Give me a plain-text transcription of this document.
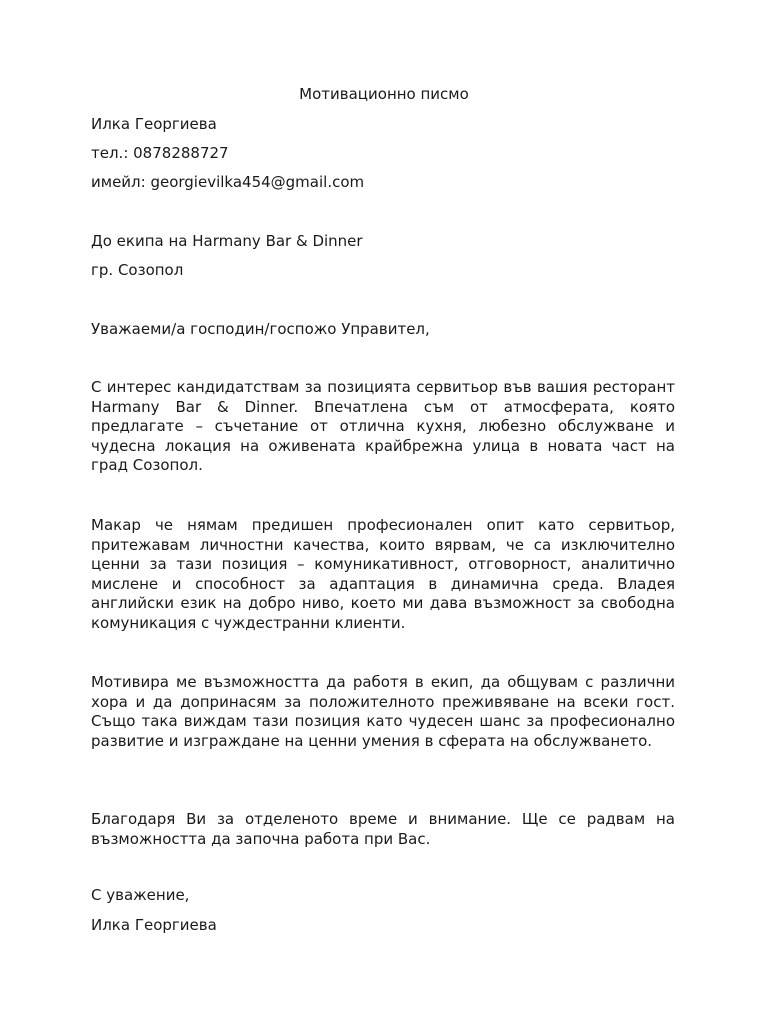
Мотивационно писмо
Илка Георгиева
тел.: 0878288727
имейл: georgievilka454@gmail.com
До екипа на Harmany Bar & Dinner
гр. Созопол
Уважаеми/а господин/госпожо Управител,
С интерес кандидатствам за позицията сервитьор във вашия ресторант Harmany Bar & Dinner. Впечатлена съм от атмосферата, която предлагате – съчетание от отлична кухня, любезно обслужване и чудесна локация на оживената крайбрежна улица в новата част на град Созопол.
Макар че нямам предишен професионален опит като сервитьор, притежавам личностни качества, които вярвам, че са изключително ценни за тази позиция – комуникативност, отговорност, аналитично мислене и способност за адаптация в динамична среда. Владея английски език на добро ниво, което ми дава възможност за свободна комуникация с чуждестранни клиенти.
Мотивира ме възможността да работя в екип, да общувам с различни хора и да допринасям за положителното преживяване на всеки гост. Също така виждам тази позиция като чудесен шанс за професионално развитие и изграждане на ценни умения в сферата на обслужването.
Благодаря Ви за отделеното време и внимание. Ще се радвам на възможността да започна работа при Вас.
С уважение,
Илка Георгиева
